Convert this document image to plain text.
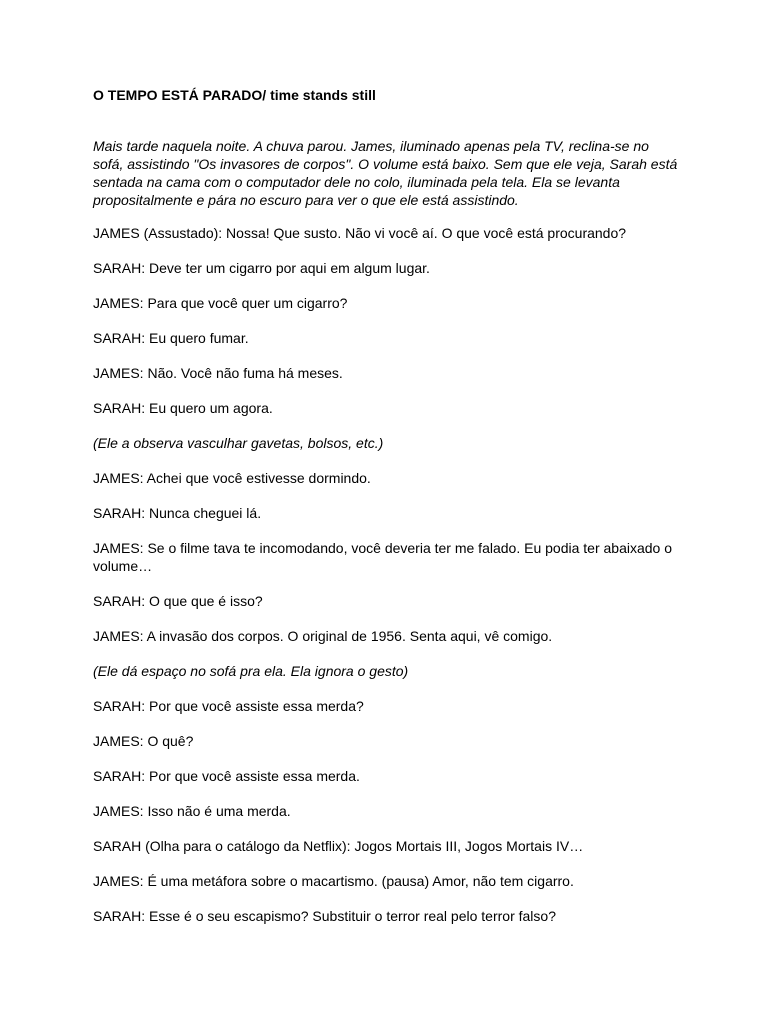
O TEMPO ESTÁ PARADO/ time stands still

Mais tarde naquela noite. A chuva parou. James, iluminado apenas pela TV, reclina-se no sofá, assistindo "Os invasores de corpos". O volume está baixo. Sem que ele veja, Sarah está sentada na cama com o computador dele no colo, iluminada pela tela. Ela se levanta propositalmente e pára no escuro para ver o que ele está assistindo.

JAMES (Assustado): Nossa! Que susto. Não vi você aí. O que você está procurando?

SARAH: Deve ter um cigarro por aqui em algum lugar.

JAMES: Para que você quer um cigarro?

SARAH: Eu quero fumar.

JAMES: Não. Você não fuma há meses.

SARAH: Eu quero um agora.

(Ele a observa vasculhar gavetas, bolsos, etc.)

JAMES: Achei que você estivesse dormindo.

SARAH: Nunca cheguei lá.

JAMES: Se o filme tava te incomodando, você deveria ter me falado. Eu podia ter abaixado o volume…

SARAH: O que que é isso?

JAMES: A invasão dos corpos. O original de 1956. Senta aqui, vê comigo.

(Ele dá espaço no sofá pra ela. Ela ignora o gesto)

SARAH: Por que você assiste essa merda?

JAMES: O quê?

SARAH: Por que você assiste essa merda.

JAMES: Isso não é uma merda.

SARAH (Olha para o catálogo da Netflix): Jogos Mortais III, Jogos Mortais IV…

JAMES: É uma metáfora sobre o macartismo. (pausa) Amor, não tem cigarro.

SARAH: Esse é o seu escapismo? Substituir o terror real pelo terror falso?
